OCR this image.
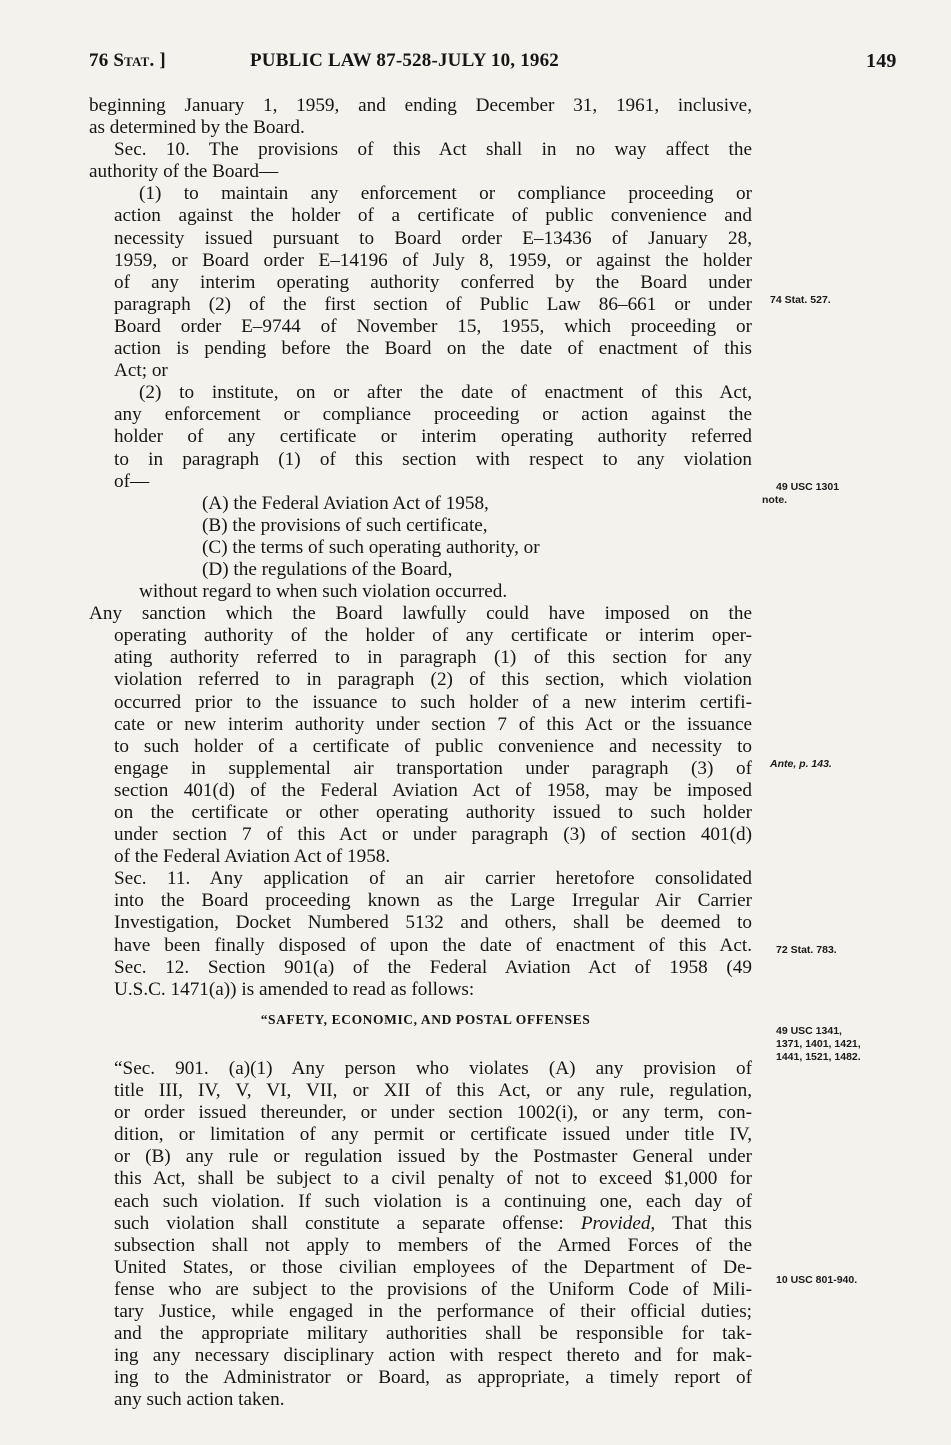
76 Stat. ]	PUBLIC LAW 87-528-JULY 10, 1962	149
beginning January 1, 1959, and ending December 31, 1961, inclusive,
as determined by the Board.
Sec. 10. The provisions of this Act shall in no way affect the
authority of the Board—
(1) to maintain any enforcement or compliance proceeding or
action against the holder of a certificate of public convenience and
necessity issued pursuant to Board order E–13436 of January 28,
1959, or Board order E–14196 of July 8, 1959, or against the holder
of any interim operating authority conferred by the Board under
paragraph (2) of the first section of Public Law 86–661 or under
Board order E–9744 of November 15, 1955, which proceeding or
action is pending before the Board on the date of enactment of this
Act; or
(2) to institute, on or after the date of enactment of this Act,
any enforcement or compliance proceeding or action against the
holder of any certificate or interim operating authority referred
to in paragraph (1) of this section with respect to any violation
of—
(A) the Federal Aviation Act of 1958,
(B) the provisions of such certificate,
(C) the terms of such operating authority, or
(D) the regulations of the Board,
without regard to when such violation occurred.
Any sanction which the Board lawfully could have imposed on the
operating authority of the holder of any certificate or interim oper-
ating authority referred to in paragraph (1) of this section for any
violation referred to in paragraph (2) of this section, which violation
occurred prior to the issuance to such holder of a new interim certifi-
cate or new interim authority under section 7 of this Act or the issuance
to such holder of a certificate of public convenience and necessity to
engage in supplemental air transportation under paragraph (3) of
section 401(d) of the Federal Aviation Act of 1958, may be imposed
on the certificate or other operating authority issued to such holder
under section 7 of this Act or under paragraph (3) of section 401(d)
of the Federal Aviation Act of 1958.
Sec. 11. Any application of an air carrier heretofore consolidated
into the Board proceeding known as the Large Irregular Air Carrier
Investigation, Docket Numbered 5132 and others, shall be deemed to
have been finally disposed of upon the date of enactment of this Act.
Sec. 12. Section 901(a) of the Federal Aviation Act of 1958 (49
U.S.C. 1471(a)) is amended to read as follows:
“SAFETY, ECONOMIC, AND POSTAL OFFENSES
“Sec. 901. (a)(1) Any person who violates (A) any provision of
title III, IV, V, VI, VII, or XII of this Act, or any rule, regulation,
or order issued thereunder, or under section 1002(i), or any term, con-
dition, or limitation of any permit or certificate issued under title IV,
or (B) any rule or regulation issued by the Postmaster General under
this Act, shall be subject to a civil penalty of not to exceed $1,000 for
each such violation. If such violation is a continuing one, each day of
such violation shall constitute a separate offense: Provided, That this
subsection shall not apply to members of the Armed Forces of the
United States, or those civilian employees of the Department of De-
fense who are subject to the provisions of the Uniform Code of Mili-
tary Justice, while engaged in the performance of their official duties;
and the appropriate military authorities shall be responsible for tak-
ing any necessary disciplinary action with respect thereto and for mak-
ing to the Administrator or Board, as appropriate, a timely report of
any such action taken.
74 Stat. 527.
49 USC 1301
note.
Ante, p. 143.
72 Stat. 783.
49 USC 1341,
1371, 1401, 1421,
1441, 1521, 1482.
10 USC 801-940.
